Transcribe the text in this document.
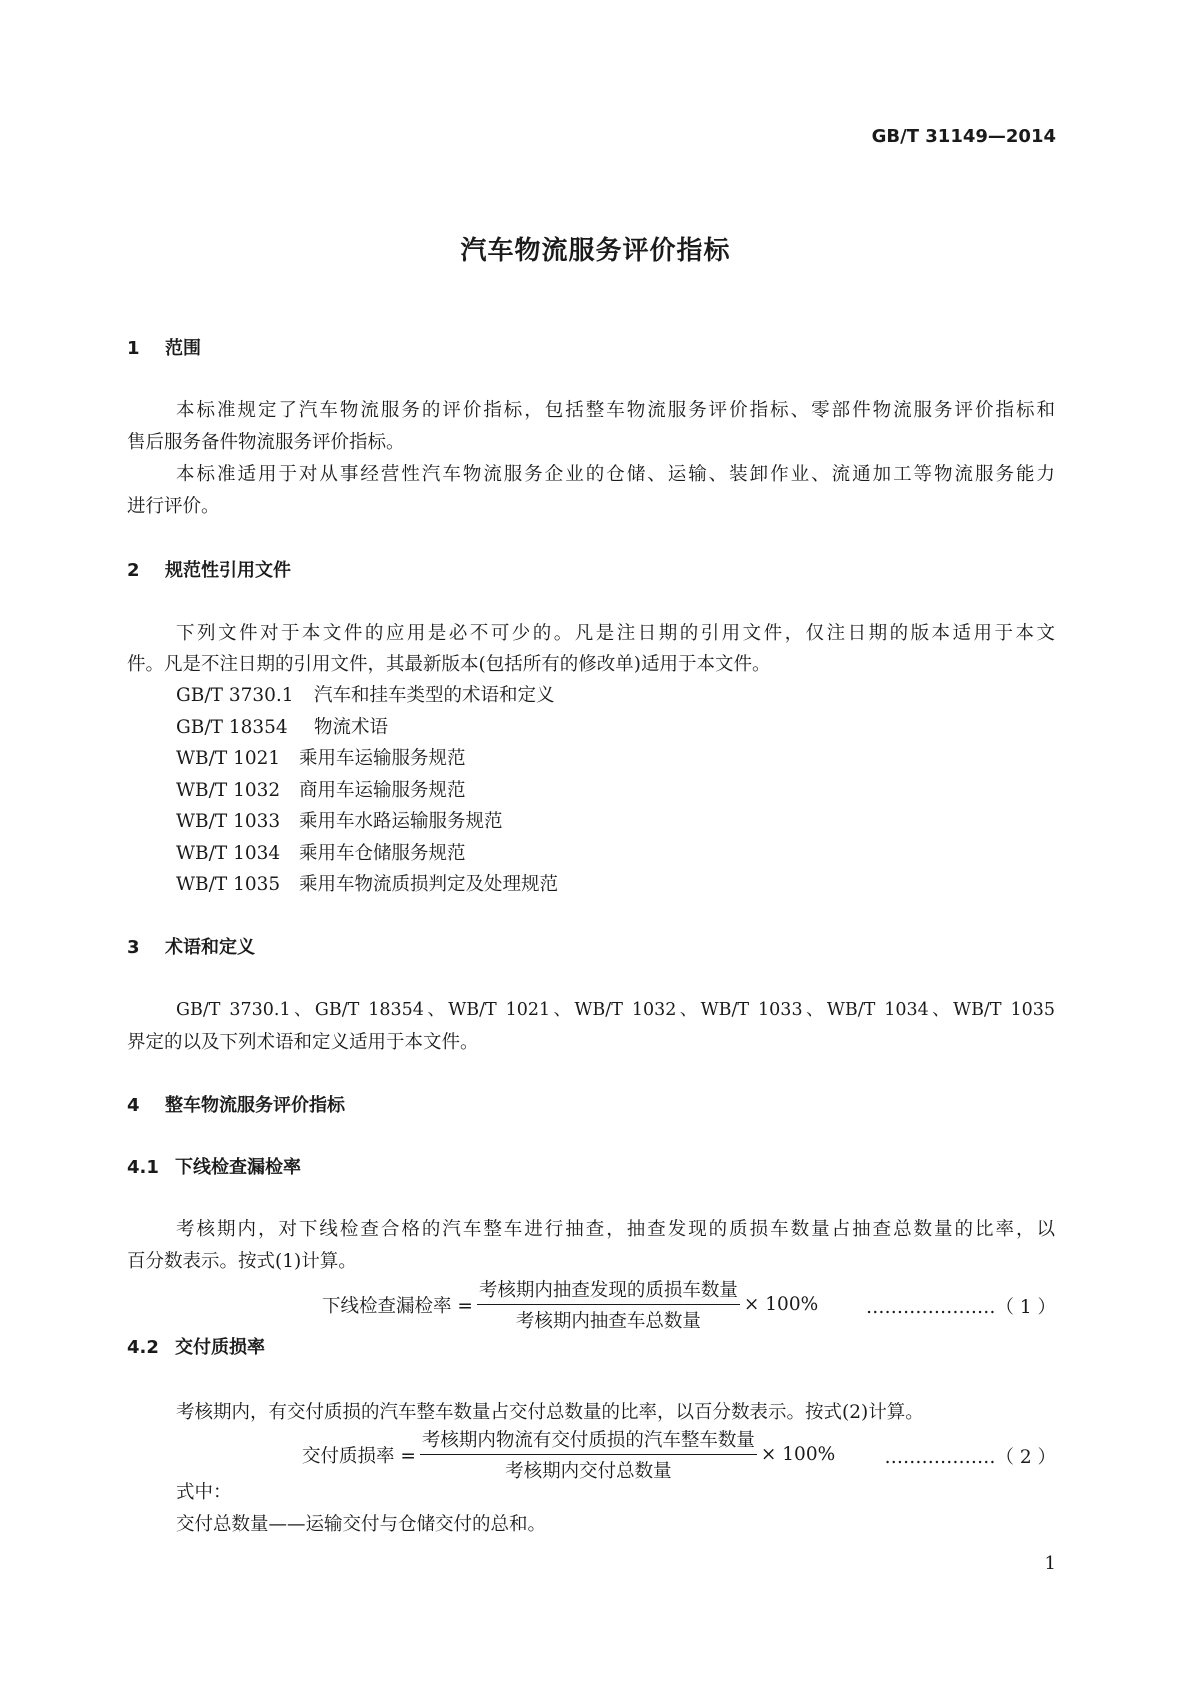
GB/T 31149—2014
汽车物流服务评价指标
1 范围
本标准规定了汽车物流服务的评价指标，包括整车物流服务评价指标、零部件物流服务评价指标和
售后服务备件物流服务评价指标。
本标准适用于对从事经营性汽车物流服务企业的仓储、运输、装卸作业、流通加工等物流服务能力
进行评价。
2 规范性引用文件
下列文件对于本文件的应用是必不可少的。凡是注日期的引用文件，仅注日期的版本适用于本文
件。凡是不注日期的引用文件，其最新版本(包括所有的修改单)适用于本文件。
GB/T 3730.1 汽车和挂车类型的术语和定义
GB/T 18354 物流术语
WB/T 1021 乘用车运输服务规范
WB/T 1032 商用车运输服务规范
WB/T 1033 乘用车水路运输服务规范
WB/T 1034 乘用车仓储服务规范
WB/T 1035 乘用车物流质损判定及处理规范
3 术语和定义
GB/T 3730.1、GB/T 18354、WB/T 1021、WB/T 1032、WB/T 1033、WB/T 1034、WB/T 1035
界定的以及下列术语和定义适用于本文件。
4 整车物流服务评价指标
4.1 下线检查漏检率
考核期内，对下线检查合格的汽车整车进行抽查，抽查发现的质损车数量占抽查总数量的比率，以
百分数表示。按式(1)计算。
下线检查漏检率 = $\frac{\text{考核期内抽查发现的质损车数量}}{\text{考核期内抽查车总数量}} \times 100\%$	…………………（ 1 ）
4.2 交付质损率
考核期内，有交付质损的汽车整车数量占交付总数量的比率，以百分数表示。按式(2)计算。
交付质损率 = $\frac{\text{考核期内物流有交付质损的汽车整车数量}}{\text{考核期内交付总数量}} \times 100\%$	………………（ 2 ）
式中：
交付总数量——运输交付与仓储交付的总和。
1
